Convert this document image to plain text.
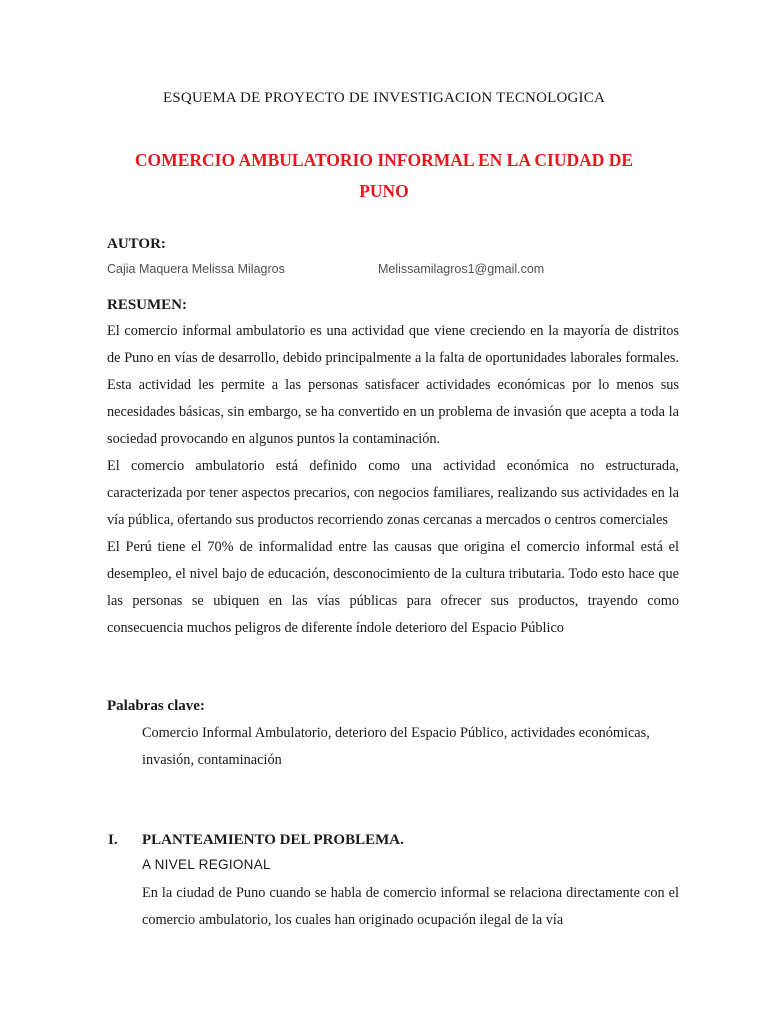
ESQUEMA DE PROYECTO DE INVESTIGACION TECNOLOGICA
COMERCIO AMBULATORIO INFORMAL EN LA CIUDAD DE PUNO
AUTOR:
Cajia Maquera Melissa Milagros	Melissamilagros1@gmail.com
RESUMEN:

El comercio informal ambulatorio es una actividad que viene creciendo en la mayoría de distritos de Puno en vías de desarrollo, debido principalmente a la falta de oportunidades laborales formales. Esta actividad les permite a las personas satisfacer actividades económicas por lo menos sus necesidades básicas, sin embargo, se ha convertido en un problema de invasión que acepta a toda la sociedad provocando en algunos puntos la contaminación.

El comercio ambulatorio está definido como una actividad económica no estructurada, caracterizada por tener aspectos precarios, con negocios familiares, realizando sus actividades en la vía pública, ofertando sus productos recorriendo zonas cercanas a mercados o centros comerciales

El Perú tiene el 70% de informalidad entre las causas que origina el comercio informal está el desempleo, el nivel bajo de educación, desconocimiento de la cultura tributaria. Todo esto hace que las personas se ubiquen en las vías públicas para ofrecer sus productos, trayendo como consecuencia muchos peligros de diferente índole deterioro del Espacio Público

Palabras clave:
Comercio Informal Ambulatorio, deterioro del Espacio Público, actividades económicas, invasión, contaminación
I. PLANTEAMIENTO DEL PROBLEMA.
A NIVEL REGIONAL
En la ciudad de Puno cuando se habla de comercio informal se relaciona directamente con el comercio ambulatorio, los cuales han originado ocupación ilegal de la vía
